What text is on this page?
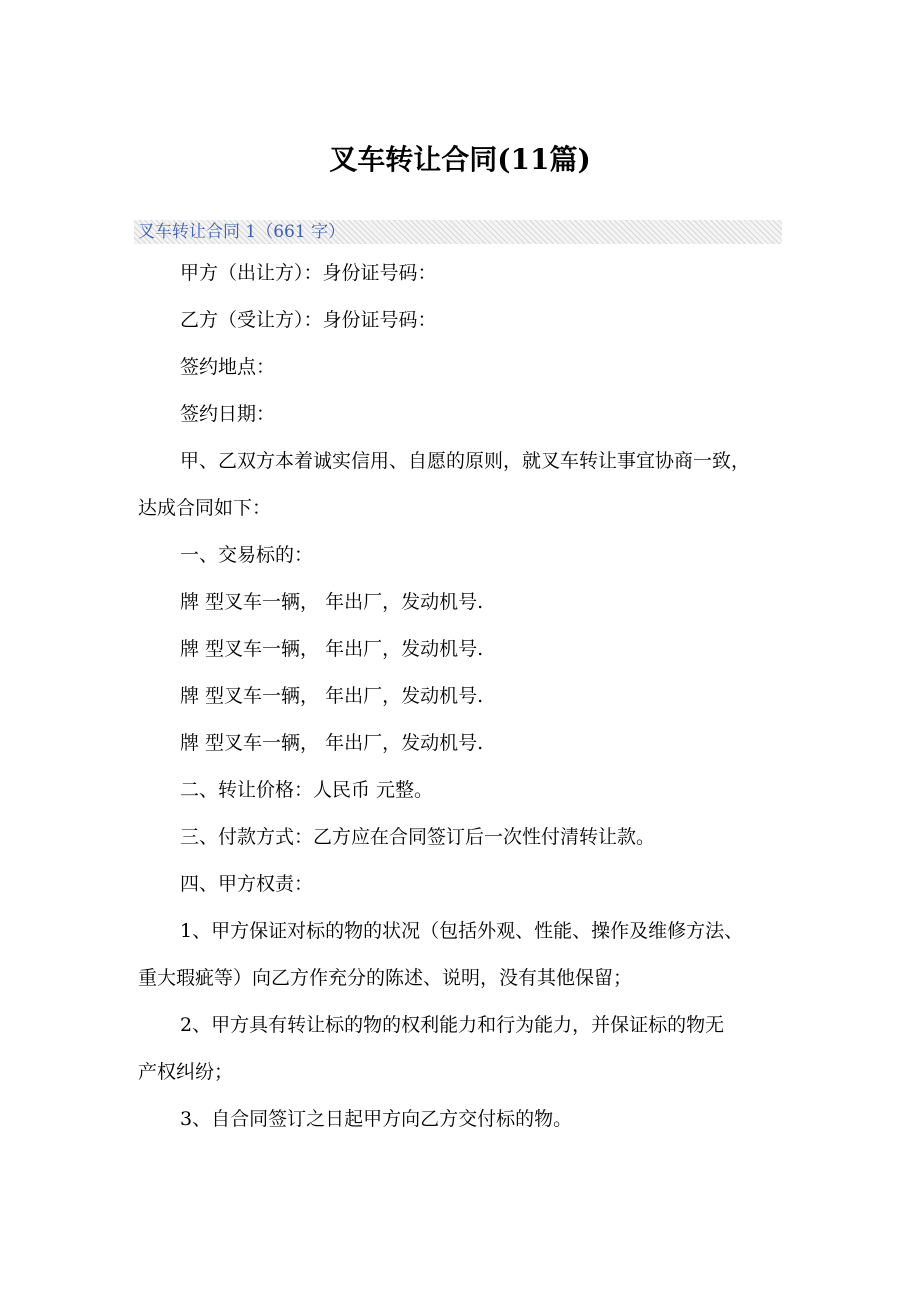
叉车转让合同(11篇)
叉车转让合同 1（661 字）
甲方（出让方）：身份证号码：
乙方（受让方）：身份证号码：
签约地点：
签约日期：
甲、乙双方本着诚实信用、自愿的原则，就叉车转让事宜协商一致，
达成合同如下：
一、交易标的：
牌 型叉车一辆， 年出厂，发动机号.
牌 型叉车一辆， 年出厂，发动机号.
牌 型叉车一辆， 年出厂，发动机号.
牌 型叉车一辆， 年出厂，发动机号.
二、转让价格：人民币 元整。
三、付款方式：乙方应在合同签订后一次性付清转让款。
四、甲方权责：
1、甲方保证对标的物的状况（包括外观、性能、操作及维修方法、
重大瑕疵等）向乙方作充分的陈述、说明，没有其他保留；
2、甲方具有转让标的物的权利能力和行为能力，并保证标的物无
产权纠纷；
3、自合同签订之日起甲方向乙方交付标的物。
